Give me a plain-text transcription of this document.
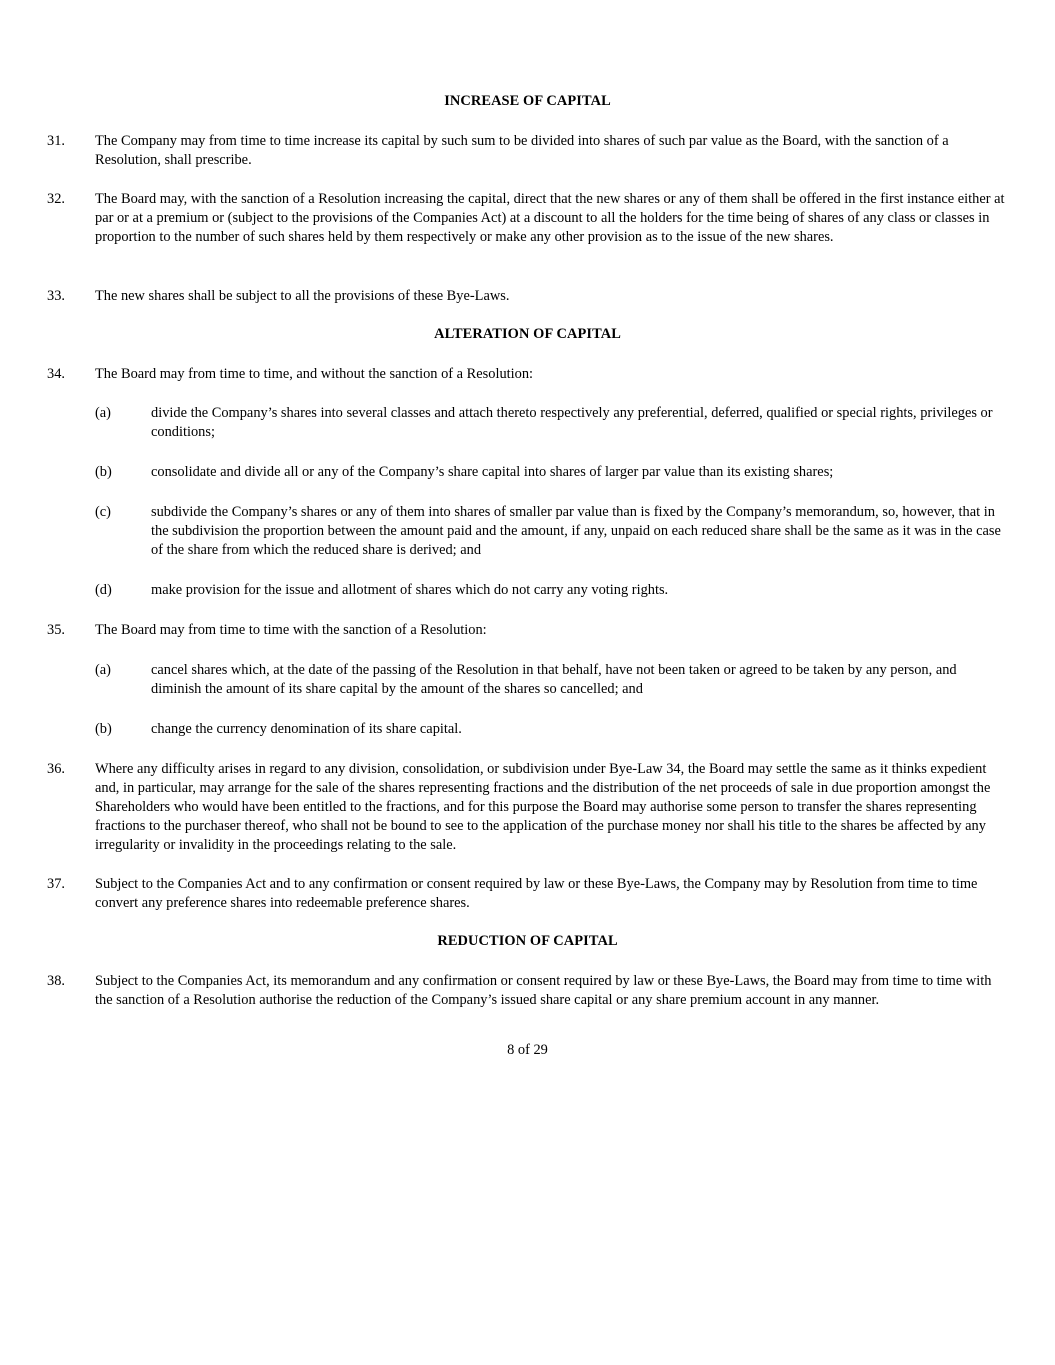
INCREASE OF CAPITAL
31. The Company may from time to time increase its capital by such sum to be divided into shares of such par value as the Board, with the sanction of a Resolution, shall prescribe.
32. The Board may, with the sanction of a Resolution increasing the capital, direct that the new shares or any of them shall be offered in the first instance either at par or at a premium or (subject to the provisions of the Companies Act) at a discount to all the holders for the time being of shares of any class or classes in proportion to the number of such shares held by them respectively or make any other provision as to the issue of the new shares.
33. The new shares shall be subject to all the provisions of these Bye-Laws.
ALTERATION OF CAPITAL
34. The Board may from time to time, and without the sanction of a Resolution:
(a)	divide the Company’s shares into several classes and attach thereto respectively any preferential, deferred, qualified or special rights, privileges or conditions;
(b)	consolidate and divide all or any of the Company’s share capital into shares of larger par value than its existing shares;
(c)	subdivide the Company’s shares or any of them into shares of smaller par value than is fixed by the Company’s memorandum, so, however, that in the subdivision the proportion between the amount paid and the amount, if any, unpaid on each reduced share shall be the same as it was in the case of the share from which the reduced share is derived; and
(d)	make provision for the issue and allotment of shares which do not carry any voting rights.
35. The Board may from time to time with the sanction of a Resolution:
(a)	cancel shares which, at the date of the passing of the Resolution in that behalf, have not been taken or agreed to be taken by any person, and diminish the amount of its share capital by the amount of the shares so cancelled; and
(b)	change the currency denomination of its share capital.
36. Where any difficulty arises in regard to any division, consolidation, or subdivision under Bye-Law 34, the Board may settle the same as it thinks expedient and, in particular, may arrange for the sale of the shares representing fractions and the distribution of the net proceeds of sale in due proportion amongst the Shareholders who would have been entitled to the fractions, and for this purpose the Board may authorise some person to transfer the shares representing fractions to the purchaser thereof, who shall not be bound to see to the application of the purchase money nor shall his title to the shares be affected by any irregularity or invalidity in the proceedings relating to the sale.
37. Subject to the Companies Act and to any confirmation or consent required by law or these Bye-Laws, the Company may by Resolution from time to time convert any preference shares into redeemable preference shares.
REDUCTION OF CAPITAL
38. Subject to the Companies Act, its memorandum and any confirmation or consent required by law or these Bye-Laws, the Board may from time to time with the sanction of a Resolution authorise the reduction of the Company’s issued share capital or any share premium account in any manner.
8 of 29
